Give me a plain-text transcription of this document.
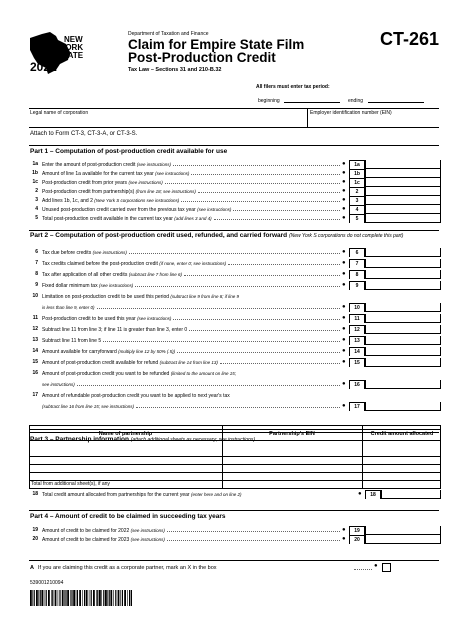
NEW
YORK
STATE
2021
Department of Taxation and Finance
Claim for Empire State Film
Post-Production Credit
CT-261
Tax Law – Sections 31 and 210-B.32
All filers must enter tax period:
beginning	ending
Legal name of corporation	Employer identification number (EIN)
Attach to Form CT-3, CT-3-A, or CT-3-S.
Part 1 – Computation of post-production credit available for use
1a Enter the amount of post-production credit (see instructions)	●	1a
1b Amount of line 1a available for the current tax year (see instructions)	●	1b
1c Post-production credit from prior years (see instructions)	●	1c
2 Post-production credit from partnership(s) (from line 18; see instructions)	●	2
3 Add lines 1b, 1c, and 2 (New York S corporations see instructions)	●	3
4 Unused post-production credit carried over from the previous tax year (see instructions)	●	4
5 Total post-production credit available in the current tax year (add lines 3 and 4)	●	5
Part 2 – Computation of post-production credit used, refunded, and carried forward (New York S corporations do not complete this part)
6 Tax due before credits (see instructions)	●	6
7 Tax credits claimed before the post-production credit (if none, enter 0; see instructions)	●	7
8 Tax after application of all other credits (subtract line 7 from line 6)	●	8
9 Fixed dollar minimum tax (see instructions)	●	9
10 Limitation on post-production credit to be used this period (subtract line 9 from line 8; if line 9
is less than line 9, enter 0)	●	10
11 Post-production credit to be used this year (see instructions)	●	11
12 Subtract line 11 from line 3; if line 11 is greater than line 3, enter 0	●	12
13 Subtract line 11 from line 5	●	13
14 Amount available for carryforward (multiply line 12 by 50% (.5))	●	14
15 Amount of post-production credit available for refund (subtract line 14 from line 13)	●	15
16 Amount of post-production credit you want to be refunded (limited to the amount on line 15;
see instructions)	●	16
17 Amount of refundable post-production credit you want to be applied to next year's tax
(subtract line 16 from line 15; see instructions)	●	17
Part 3 – Partnership information (attach additional sheets as necessary; see instructions)
Name of partnership	Partnership's EIN	Credit amount allocated
Total from additional sheet(s), if any
18 Total credit amount allocated from partnerships for the current year (enter here and on line 2)	●	18
Part 4 – Amount of credit to be claimed in succeeding tax years
19 Amount of credit to be claimed for 2022 (see instructions)	●	19
20 Amount of credit to be claimed for 2023 (see instructions)	●	20
A If you are claiming this credit as a corporate partner, mark an X in the box	●
539001210094
